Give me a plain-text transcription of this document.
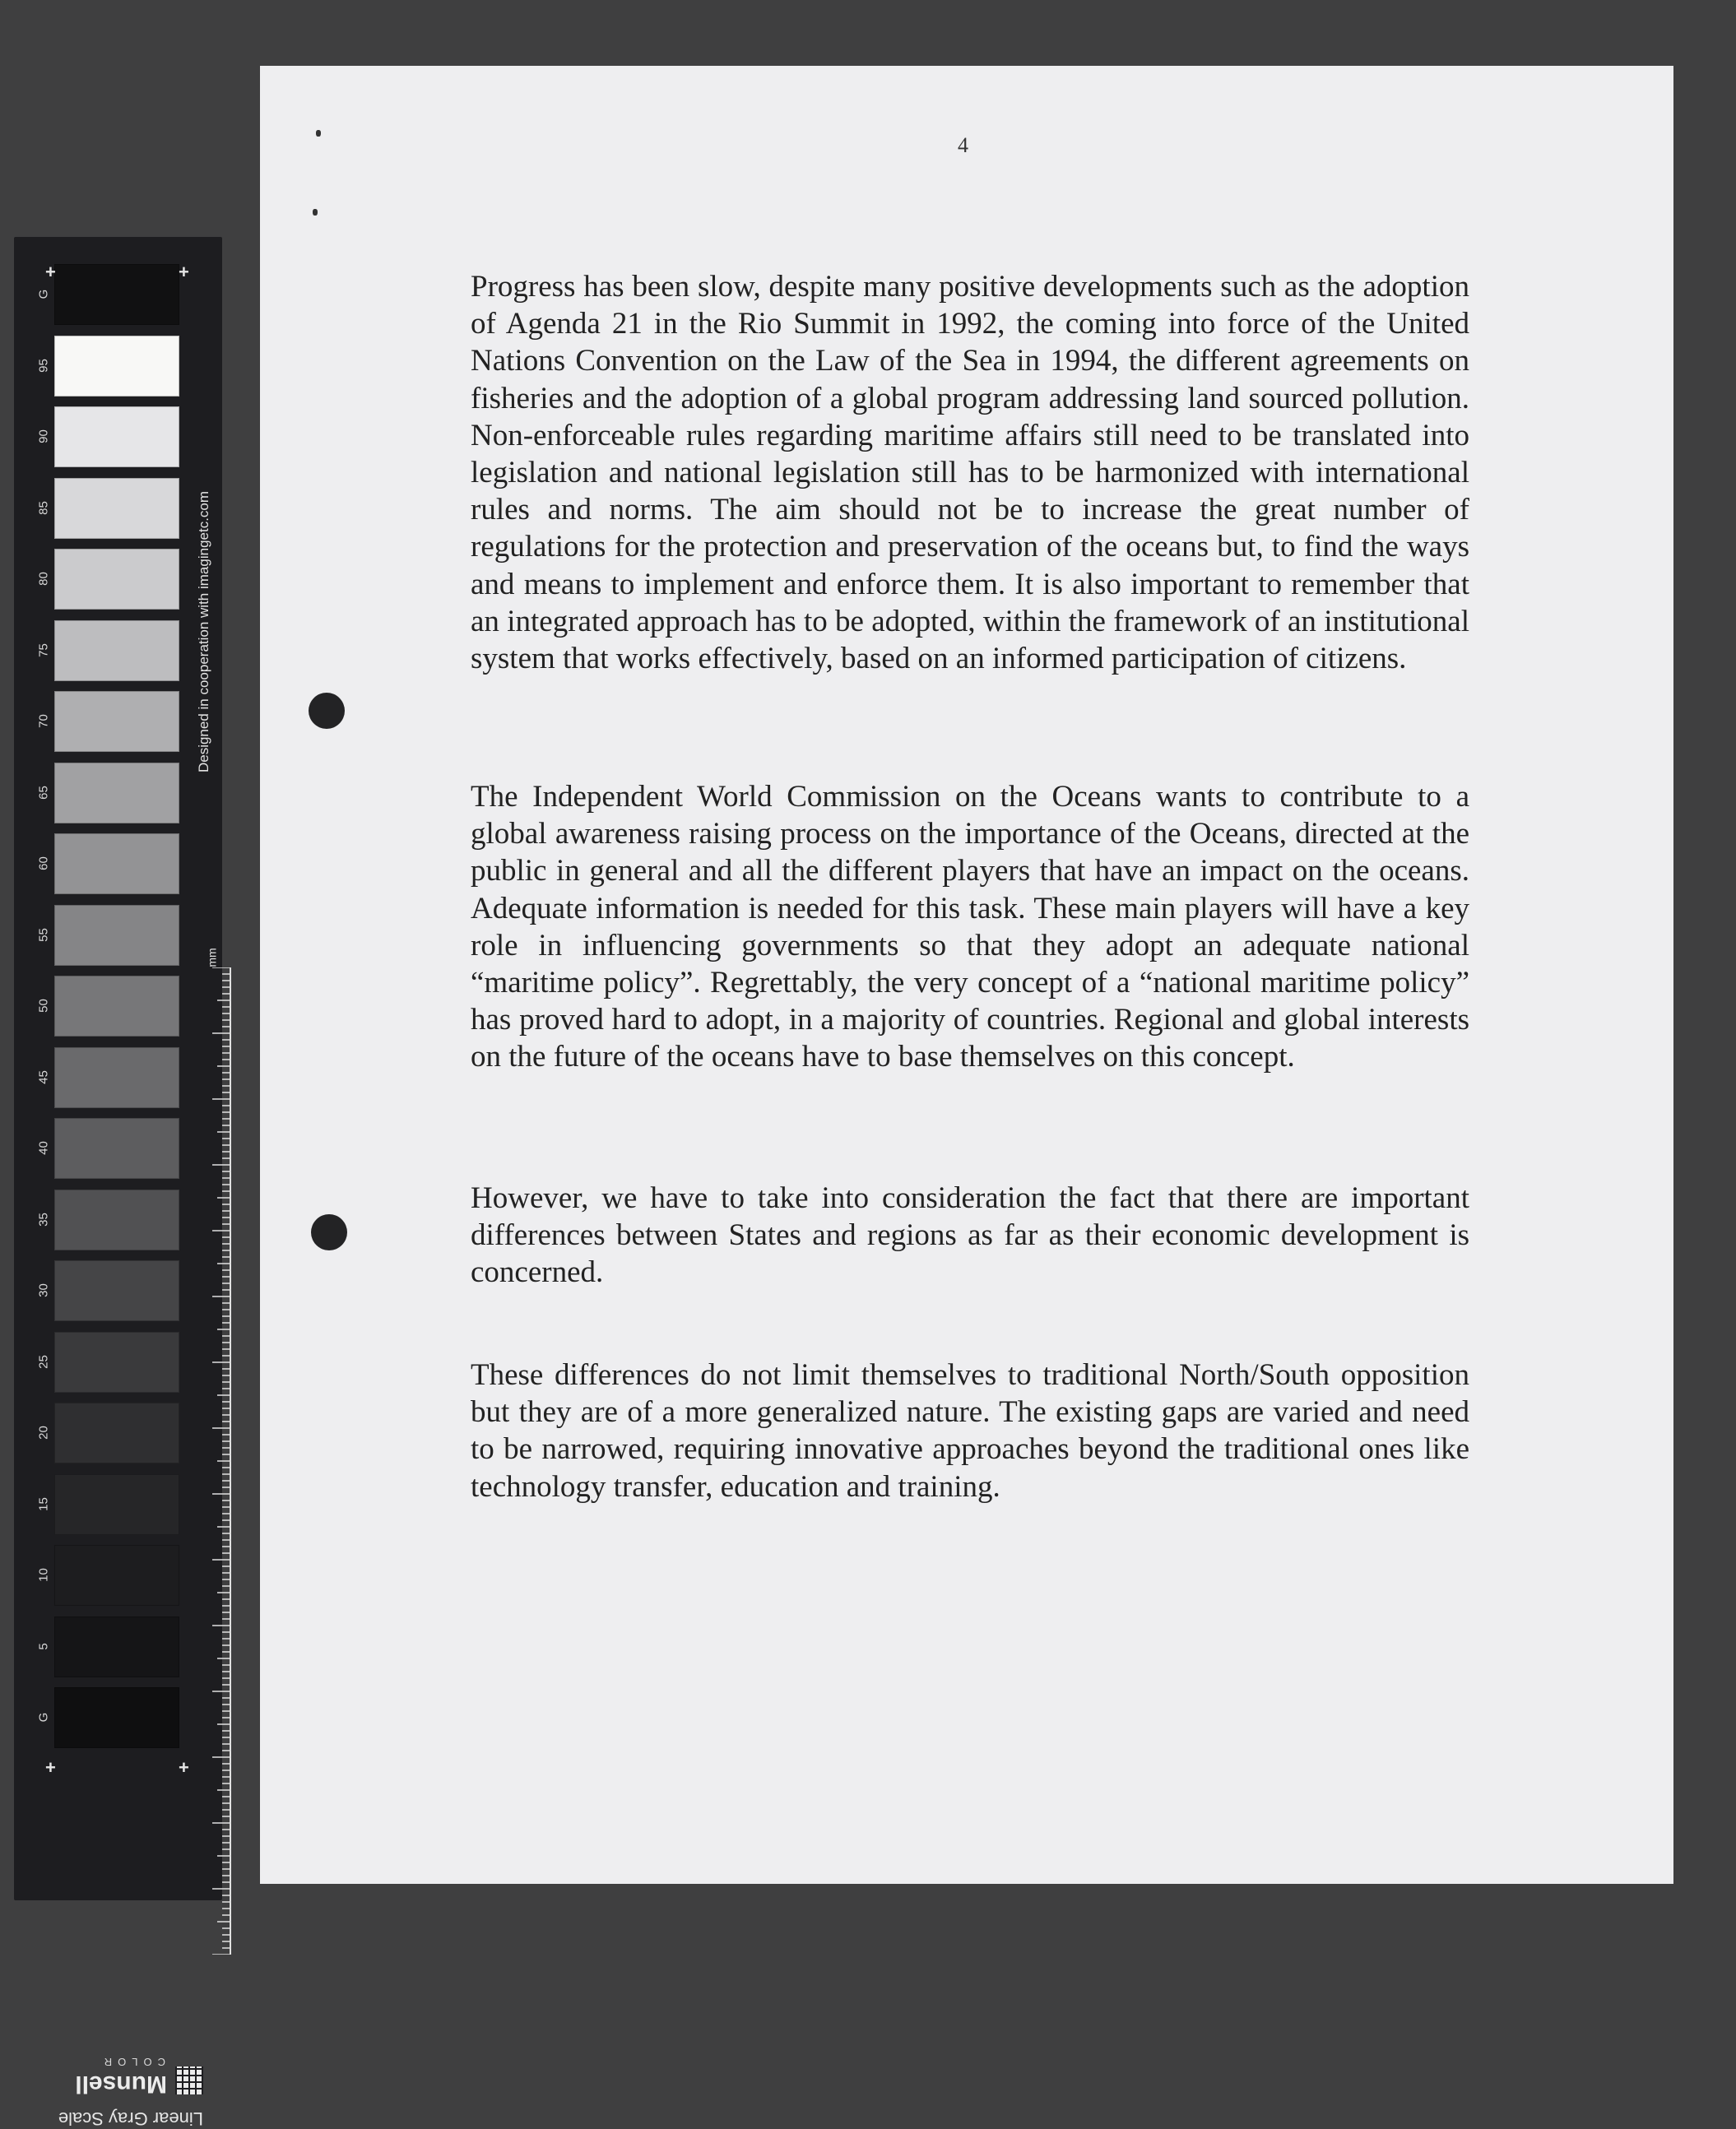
G
95
90
85
80
75
70
65
60
55
50
45
40
35
30
25
20
15
10
5
G
+	+
+	+
Designed in cooperation with imagingetc.com
mm
Linear Gray Scale
Munsell
COLOR
4

Progress has been slow, despite many positive developments such as the adoption of Agenda 21 in the Rio Summit in 1992, the coming into force of the United Nations Convention on the Law of the Sea in 1994, the different agreements on fisheries and the adoption of a global program addressing land sourced pollution. Non-enforceable rules regarding maritime affairs still need to be translated into legislation and national legislation still has to be harmonized with international rules and norms. The aim should not be to increase the great number of regulations for the protection and preservation of the oceans but, to find the ways and means to implement and enforce them. It is also important to remember that an integrated approach has to be adopted, within the framework of an institutional system that works effectively, based on an informed participation of citizens.

The Independent World Commission on the Oceans wants to contribute to a global awareness raising process on the importance of the Oceans, directed at the public in general and all the different players that have an impact on the oceans. Adequate information is needed for this task. These main players will have a key role in influencing governments so that they adopt an adequate national “maritime policy”. Regrettably, the very concept of a “national maritime policy” has proved hard to adopt, in a majority of countries. Regional and global interests on the future of the oceans have to base themselves on this concept.

However, we have to take into consideration the fact that there are important differences between States and regions as far as their economic development is concerned.

These differences do not limit themselves to traditional North/South opposition but they are of a more generalized nature. The existing gaps are varied and need to be narrowed, requiring innovative approaches beyond the traditional ones like technology transfer, education and training.
